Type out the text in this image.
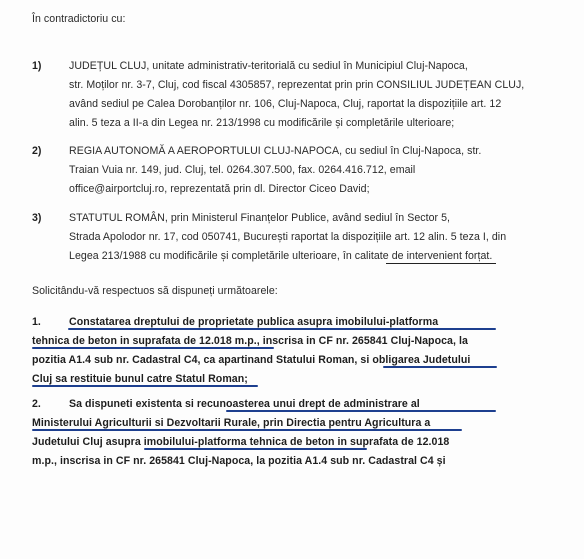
În contradictoriu cu:
1)	JUDEȚUL CLUJ, unitate administrativ-teritorială cu sediul în Municipiul Cluj-Napoca,
str. Moților nr. 3-7, Cluj, cod fiscal 4305857, reprezentat prin prin CONSILIUL JUDEȚEAN CLUJ,
având sediul pe Calea Dorobanților nr. 106, Cluj-Napoca, Cluj, raportat la dispozițiile art. 12
alin. 5 teza a II-a din Legea nr. 213/1998 cu modificările și completările ulterioare;
2)	REGIA AUTONOMĂ A AEROPORTULUI CLUJ-NAPOCA, cu sediul în Cluj-Napoca, str.
Traian Vuia nr. 149, jud. Cluj, tel. 0264.307.500, fax. 0264.416.712, email
office@airportcluj.ro, reprezentată prin dl. Director Ciceo David;
3)	STATUTUL ROMÂN, prin Ministerul Finanțelor Publice, având sediul în Sector 5,
Strada Apolodor nr. 17, cod 050741, București raportat la dispozițiile art. 12 alin. 5 teza I, din
Legea 213/1988 cu modificările și completările ulterioare, în calitate de intervenient forțat.
Solicitându-vă respectuos să dispuneți următoarele:
1.	Constatarea dreptului de proprietate publica asupra imobilului-platforma
tehnica de beton in suprafata de 12.018 m.p., inscrisa in CF nr. 265841 Cluj-Napoca, la
pozitia A1.4 sub nr. Cadastral C4, ca apartinand Statului Roman, si obligarea Judetului
Cluj sa restituie bunul catre Statul Roman;
2.	Sa dispuneti existenta si recunoasterea unui drept de administrare al
Ministerului Agriculturii si Dezvoltarii Rurale, prin Directia pentru Agricultura a
Judetului Cluj asupra imobilului-platforma tehnica de beton in suprafata de 12.018
m.p., inscrisa in CF nr. 265841 Cluj-Napoca, la pozitia A1.4 sub nr. Cadastral C4 și
